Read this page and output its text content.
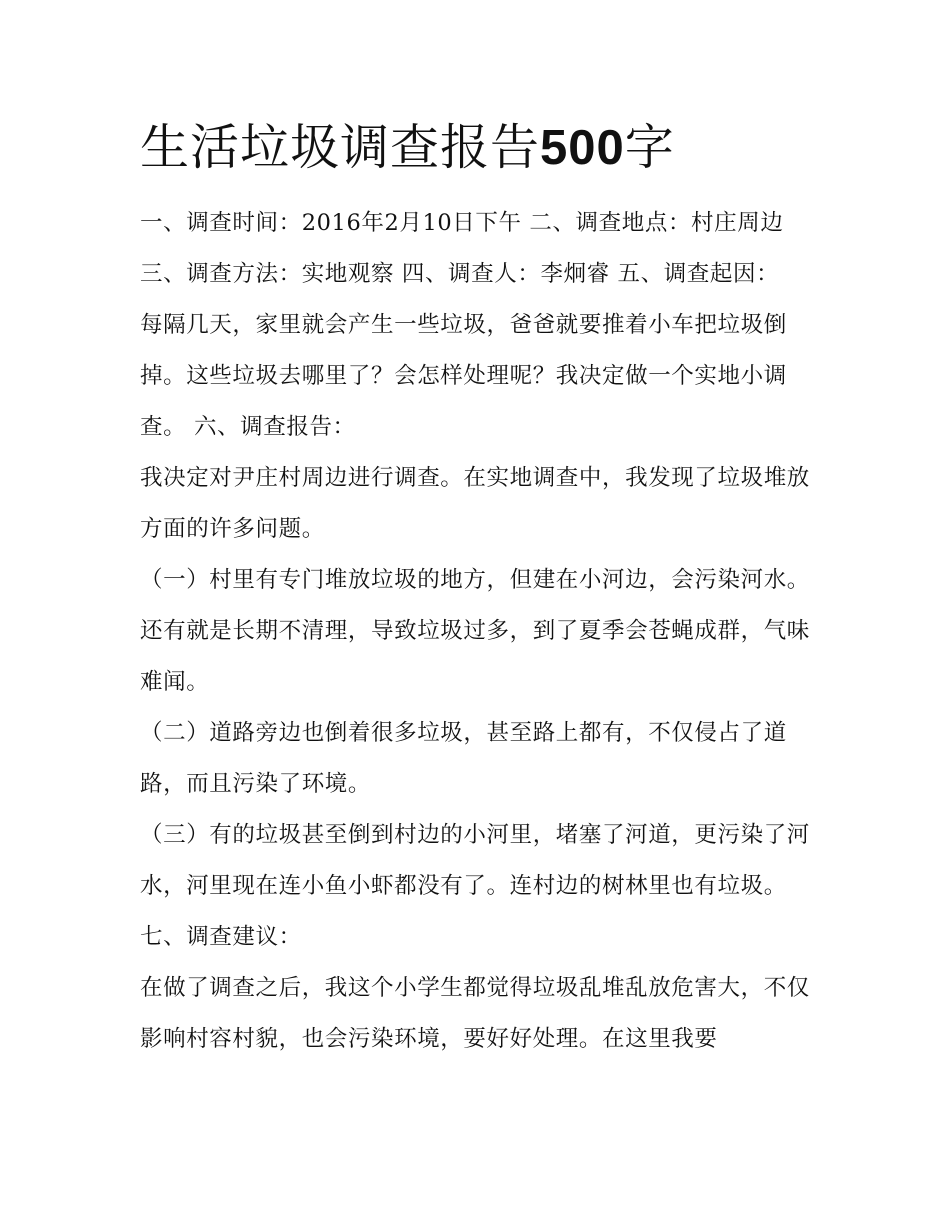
生活垃圾调查报告500字

一、调查时间：2016年2月10日下午 二、调查地点：村庄周边 三、调查方法：实地观察 四、调查人：李炯睿 五、调查起因：

每隔几天，家里就会产生一些垃圾，爸爸就要推着小车把垃圾倒掉。这些垃圾去哪里了？会怎样处理呢？我决定做一个实地小调查。 六、调查报告：

我决定对尹庄村周边进行调查。在实地调查中，我发现了垃圾堆放方面的许多问题。

（一）村里有专门堆放垃圾的地方，但建在小河边，会污染河水。还有就是长期不清理，导致垃圾过多，到了夏季会苍蝇成群，气味难闻。

（二）道路旁边也倒着很多垃圾，甚至路上都有，不仅侵占了道路，而且污染了环境。

（三）有的垃圾甚至倒到村边的小河里，堵塞了河道，更污染了河水，河里现在连小鱼小虾都没有了。连村边的树林里也有垃圾。 七、调查建议：

在做了调查之后，我这个小学生都觉得垃圾乱堆乱放危害大，不仅影响村容村貌，也会污染环境，要好好处理。在这里我要
